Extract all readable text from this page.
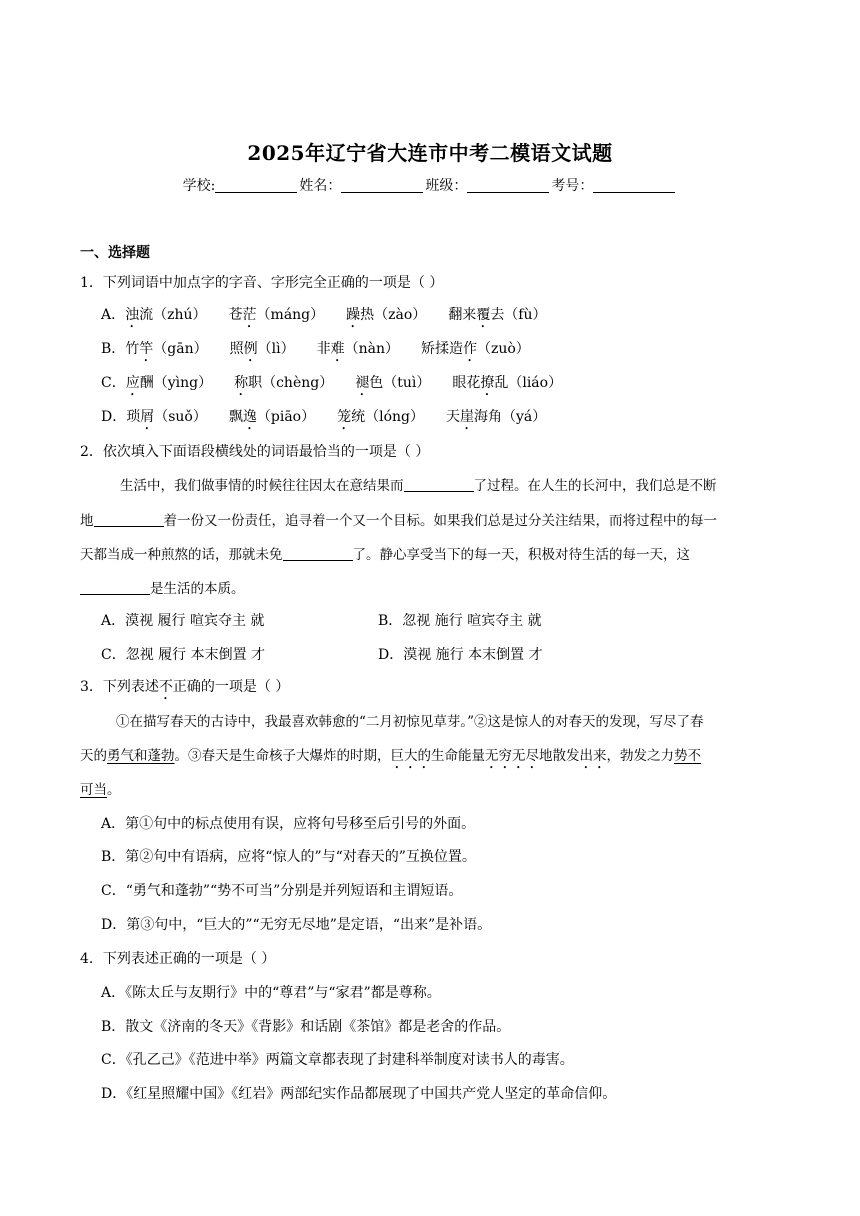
2025年辽宁省大连市中考二模语文试题
学校:	姓名：	班级：	考号：
一、选择题
1．下列词语中加点字的字音、字形完全正确的一项是（ ）
A．浊流（zhú） 苍茫（máng） 躁热（zào） 翻来覆去（fù）
B．竹竿（gān） 照例（lì） 非难（nàn） 矫揉造作（zuò）
C．应酬（yìng） 称职（chèng） 褪色（tuì） 眼花撩乱（liáo）
D．琐屑（suǒ） 飘逸（piāo） 笼统（lóng） 天崖海角（yá）
2．依次填入下面语段横线处的词语最恰当的一项是（ ）
生活中，我们做事情的时候往往因太在意结果而	了过程。在人生的长河中，我们总是不断
地	着一份又一份责任，追寻着一个又一个目标。如果我们总是过分关注结果，而将过程中的每一
天都当成一种煎熬的话，那就未免	了。静心享受当下的每一天，积极对待生活的每一天，这
是生活的本质。
A．漠视 履行 喧宾夺主 就	B．忽视 施行 喧宾夺主 就
C．忽视 履行 本末倒置 才	D．漠视 施行 本末倒置 才
3．下列表述不正确的一项是（ ）
①在描写春天的古诗中，我最喜欢韩愈的“二月初惊见草芽。”②这是惊人的对春天的发现，写尽了春
天的勇气和蓬勃。③春天是生命核子大爆炸的时期，巨大的生命能量无穷无尽地散发出来，勃发之力势不
可当。
A．第①句中的标点使用有误，应将句号移至后引号的外面。
B．第②句中有语病，应将“惊人的”与“对春天的”互换位置。
C．“勇气和蓬勃”“势不可当”分别是并列短语和主谓短语。
D．第③句中，“巨大的”“无穷无尽地”是定语，“出来”是补语。
4．下列表述正确的一项是（ ）
A．《陈太丘与友期行》中的“尊君”与“家君”都是尊称。
B．散文《济南的冬天》《背影》和话剧《茶馆》都是老舍的作品。
C．《孔乙己》《范进中举》两篇文章都表现了封建科举制度对读书人的毒害。
D．《红星照耀中国》《红岩》两部纪实作品都展现了中国共产党人坚定的革命信仰。
